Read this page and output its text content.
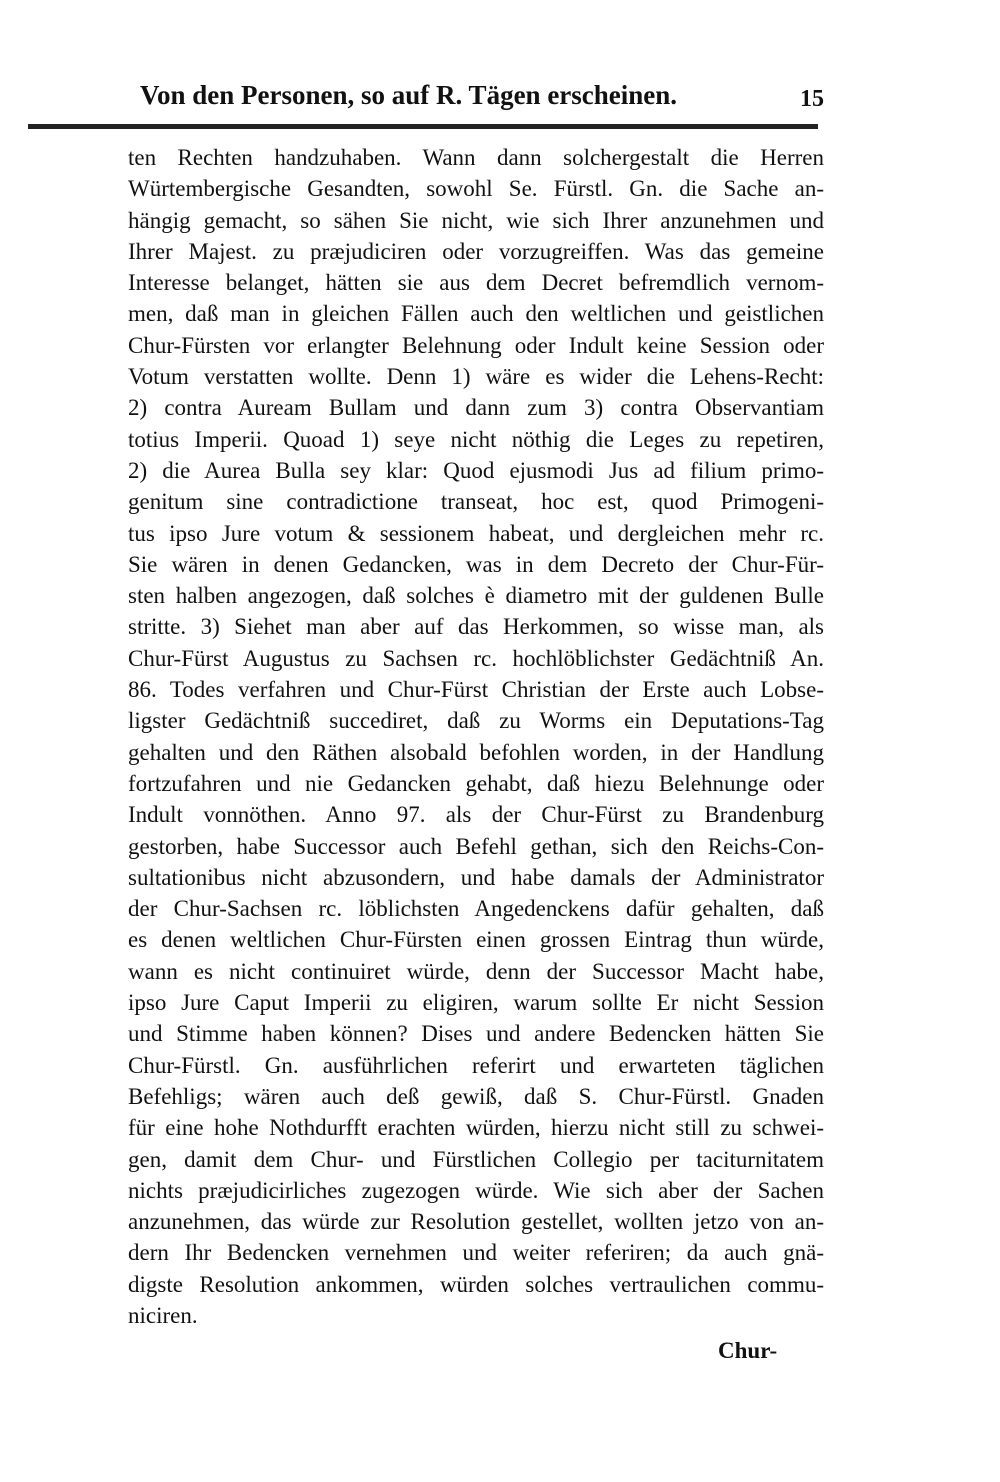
Von den Personen, so auf R. Tägen erscheinen.	15
ten Rechten handzuhaben. Wann dann solchergestalt die Herren
Würtembergische Gesandten, sowohl Se. Fürstl. Gn. die Sache an-
hängig gemacht, so sähen Sie nicht, wie sich Ihrer anzunehmen und
Ihrer Majest. zu præjudiciren oder vorzugreiffen. Was das gemeine
Interesse belanget, hätten sie aus dem Decret befremdlich vernom-
men, daß man in gleichen Fällen auch den weltlichen und geistlichen
Chur-Fürsten vor erlangter Belehnung oder Indult keine Session oder
Votum verstatten wollte. Denn 1) wäre es wider die Lehens-Recht:
2) contra Auream Bullam und dann zum 3) contra Observantiam
totius Imperii. Quoad 1) seye nicht nöthig die Leges zu repetiren,
2) die Aurea Bulla sey klar: Quod ejusmodi Jus ad filium primo-
genitum sine contradictione transeat, hoc est, quod Primogeni-
tus ipso Jure votum & sessionem habeat, und dergleichen mehr rc.
Sie wären in denen Gedancken, was in dem Decreto der Chur-Für-
sten halben angezogen, daß solches è diametro mit der guldenen Bulle
stritte. 3) Siehet man aber auf das Herkommen, so wisse man, als
Chur-Fürst Augustus zu Sachsen rc. hochlöblichster Gedächtniß An.
86. Todes verfahren und Chur-Fürst Christian der Erste auch Lobse-
ligster Gedächtniß succediret, daß zu Worms ein Deputations-Tag
gehalten und den Räthen alsobald befohlen worden, in der Handlung
fortzufahren und nie Gedancken gehabt, daß hiezu Belehnunge oder
Indult vonnöthen. Anno 97. als der Chur-Fürst zu Brandenburg
gestorben, habe Successor auch Befehl gethan, sich den Reichs-Con-
sultationibus nicht abzusondern, und habe damals der Administrator
der Chur-Sachsen rc. löblichsten Angedenckens dafür gehalten, daß
es denen weltlichen Chur-Fürsten einen grossen Eintrag thun würde,
wann es nicht continuiret würde, denn der Successor Macht habe,
ipso Jure Caput Imperii zu eligiren, warum sollte Er nicht Session
und Stimme haben können? Dises und andere Bedencken hätten Sie
Chur-Fürstl. Gn. ausführlichen referirt und erwarteten täglichen
Befehligs; wären auch deß gewiß, daß S. Chur-Fürstl. Gnaden
für eine hohe Nothdurfft erachten würden, hierzu nicht still zu schwei-
gen, damit dem Chur- und Fürstlichen Collegio per taciturnitatem
nichts præjudicirliches zugezogen würde. Wie sich aber der Sachen
anzunehmen, das würde zur Resolution gestellet, wollten jetzo von an-
dern Ihr Bedencken vernehmen und weiter referiren; da auch gnä-
digste Resolution ankommen, würden solches vertraulichen commu-
niciren.
Chur-
